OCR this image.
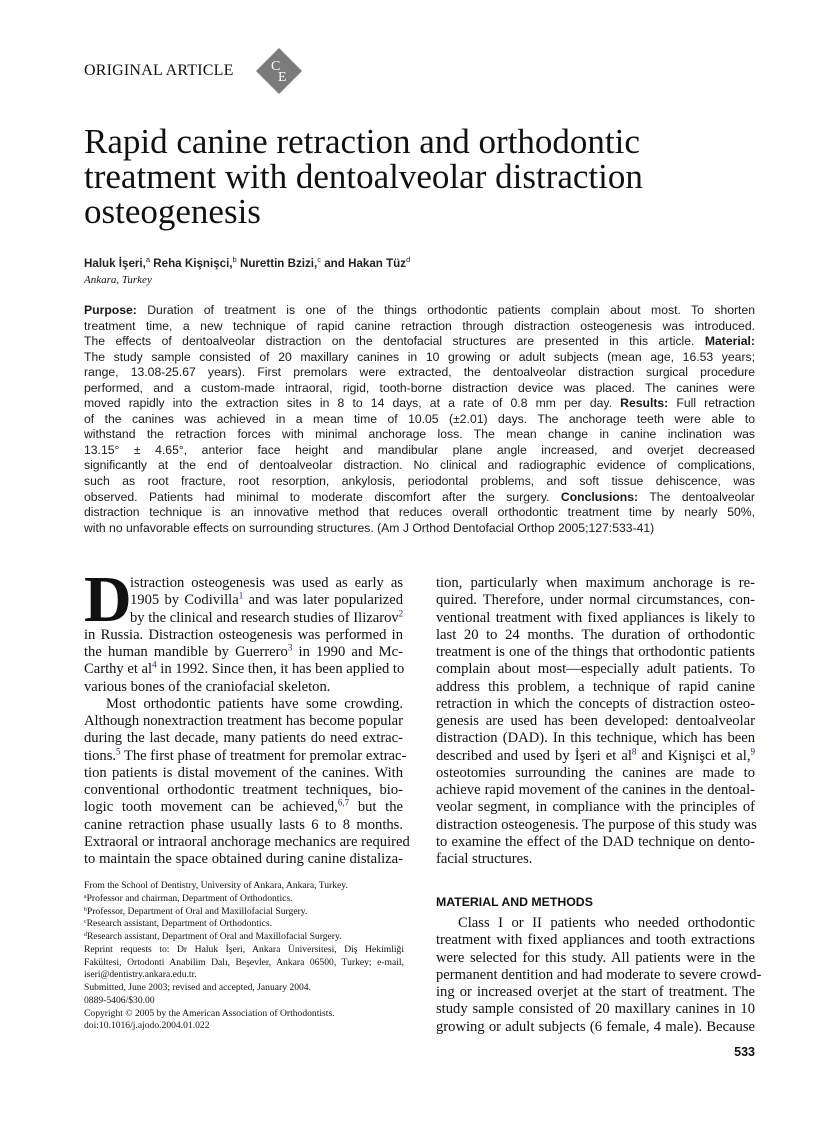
ORIGINAL ARTICLE	C
E
Rapid canine retraction and orthodontic
treatment with dentoalveolar distraction
osteogenesis
Haluk İşeri,$^a$ Reha Kişnişci,$^b$ Nurettin Bzizi,$^c$ and Hakan Tüz$^d$
Ankara, Turkey
Purpose: Duration of treatment is one of the things orthodontic patients complain about most. To shorten
treatment time, a new technique of rapid canine retraction through distraction osteogenesis was introduced.
The effects of dentoalveolar distraction on the dentofacial structures are presented in this article. Material:
The study sample consisted of 20 maxillary canines in 10 growing or adult subjects (mean age, 16.53 years;
range, 13.08-25.67 years). First premolars were extracted, the dentoalveolar distraction surgical procedure
performed, and a custom-made intraoral, rigid, tooth-borne distraction device was placed. The canines were
moved rapidly into the extraction sites in 8 to 14 days, at a rate of 0.8 mm per day. Results: Full retraction
of the canines was achieved in a mean time of 10.05 (±2.01) days. The anchorage teeth were able to
withstand the retraction forces with minimal anchorage loss. The mean change in canine inclination was
13.15° ± 4.65°, anterior face height and mandibular plane angle increased, and overjet decreased
significantly at the end of dentoalveolar distraction. No clinical and radiographic evidence of complications,
such as root fracture, root resorption, ankylosis, periodontal problems, and soft tissue dehiscence, was
observed. Patients had minimal to moderate discomfort after the surgery. Conclusions: The dentoalveolar
distraction technique is an innovative method that reduces overall orthodontic treatment time by nearly 50%,
with no unfavorable effects on surrounding structures. (Am J Orthod Dentofacial Orthop 2005;127:533-41)
D
istraction osteogenesis was used as early as
1905 by Codivilla$^1$ and was later popularized
by the clinical and research studies of Ilizarov$^2$
in Russia. Distraction osteogenesis was performed in
the human mandible by Guerrero$^3$ in 1990 and Mc-
Carthy et $al^4$ in 1992. Since then, it has been applied to
various bones of the craniofacial skeleton.
Most orthodontic patients have some crowding.
Although nonextraction treatment has become popular
during the last decade, many patients do need extrac-
tions.$^5$ The first phase of treatment for premolar extrac-
tion patients is distal movement of the canines. With
conventional orthodontic treatment techniques, bio-
logic tooth movement can be achieved,$^{6,7}$ but the
canine retraction phase usually lasts 6 to 8 months.
Extraoral or intraoral anchorage mechanics are required
to maintain the space obtained during canine distaliza-
tion, particularly when maximum anchorage is re-
quired. Therefore, under normal circumstances, con-
ventional treatment with fixed appliances is likely to
last 20 to 24 months. The duration of orthodontic
treatment is one of the things that orthodontic patients
complain about most—especially adult patients. To
address this problem, a technique of rapid canine
retraction in which the concepts of distraction osteo-
genesis are used has been developed: dentoalveolar
distraction (DAD). In this technique, which has been
described and used by İşeri et $al^8$ and Kişnişci et al,$^9$
osteotomies surrounding the canines are made to
achieve rapid movement of the canines in the dentoal-
veolar segment, in compliance with the principles of
distraction osteogenesis. The purpose of this study was
to examine the effect of the DAD technique on dento-
facial structures.
MATERIAL AND METHODS
Class I or II patients who needed orthodontic
treatment with fixed appliances and tooth extractions
were selected for this study. All patients were in the
permanent dentition and had moderate to severe crowd-
ing or increased overjet at the start of treatment. The
study sample consisted of 20 maxillary canines in 10
growing or adult subjects (6 female, 4 male). Because
From the School of Dentistry, University of Ankara, Ankara, Turkey.
$^a$Professor and chairman, Department of Orthodontics.
$^b$Professor, Department of Oral and Maxillofacial Surgery.
$^c$Research assistant, Department of Orthodontics.
$^d$Research assistant, Department of Oral and Maxillofacial Surgery.
Reprint requests to: Dr Haluk İşeri, Ankara Üniversitesi, Diş Hekimliği
Fakültesi, Ortodonti Anabilim Dalı, Beşevler, Ankara 06500, Turkey; e-mail,
iseri@dentistry.ankara.edu.tr.
Submitted, June 2003; revised and accepted, January 2004.
0889-5406/$30.00
Copyright © 2005 by the American Association of Orthodontists.
doi:10.1016/j.ajodo.2004.01.022
533
